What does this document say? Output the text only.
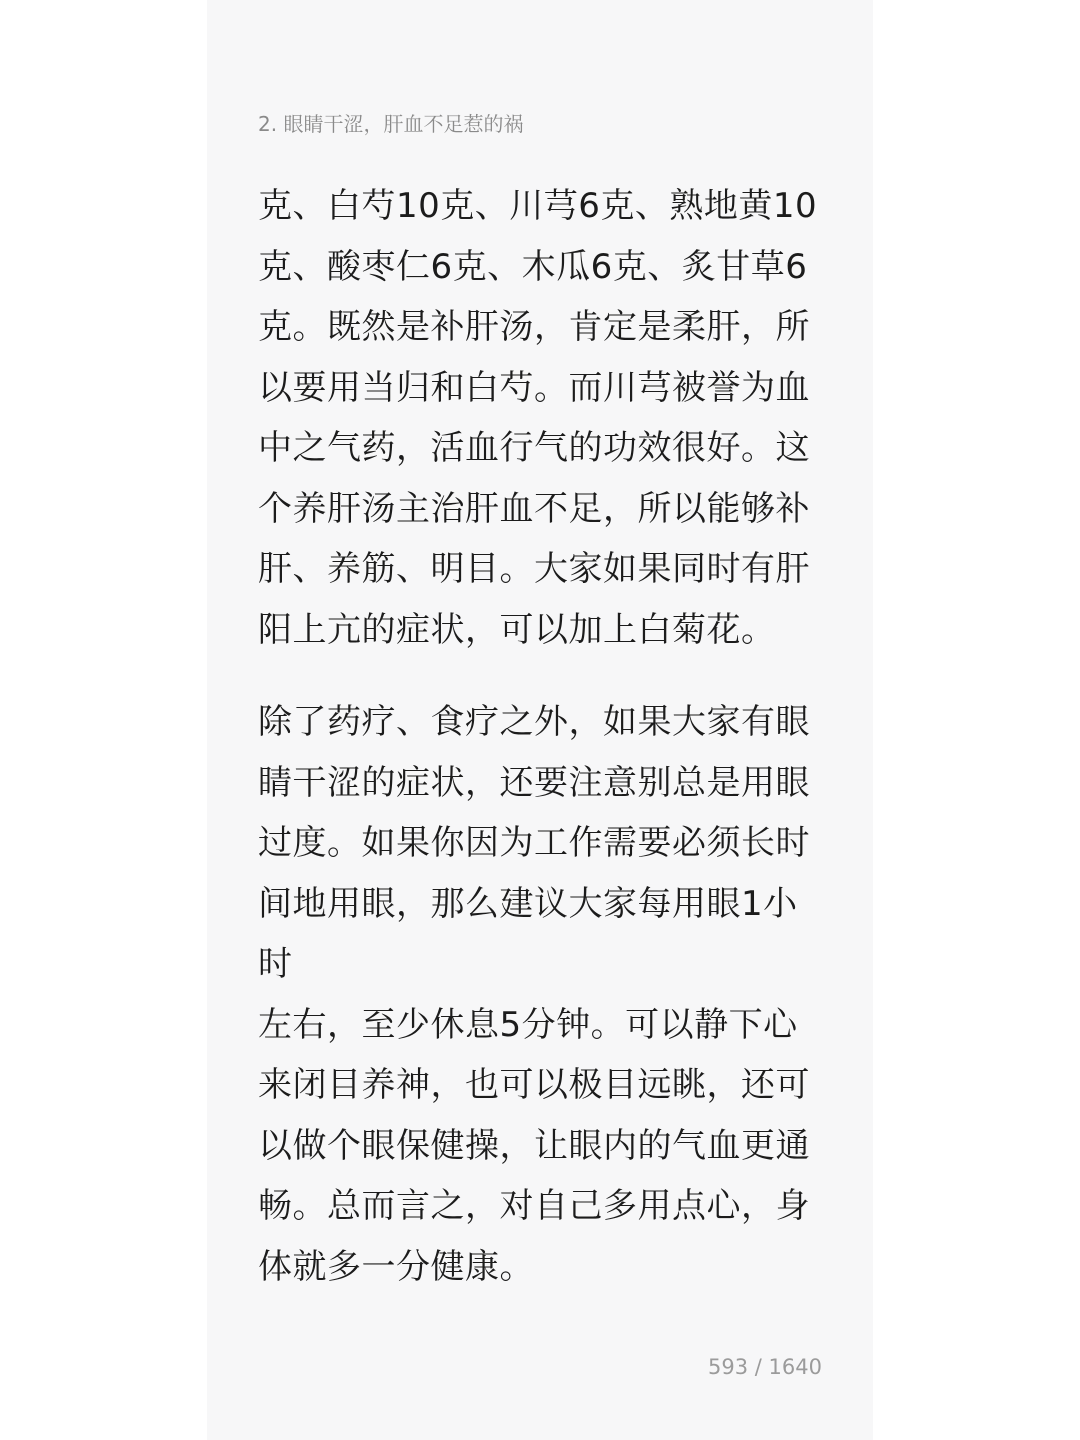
2. 眼睛干涩，肝血不足惹的祸

克、白芍10克、川芎6克、熟地黄10
克、酸枣仁6克、木瓜6克、炙甘草6
克。既然是补肝汤，肯定是柔肝，所
以要用当归和白芍。而川芎被誉为血
中之气药，活血行气的功效很好。这
个养肝汤主治肝血不足，所以能够补
肝、养筋、明目。大家如果同时有肝
阳上亢的症状，可以加上白菊花。

除了药疗、食疗之外，如果大家有眼
睛干涩的症状，还要注意别总是用眼
过度。如果你因为工作需要必须长时
间地用眼，那么建议大家每用眼1小时
左右，至少休息5分钟。可以静下心
来闭目养神，也可以极目远眺，还可
以做个眼保健操，让眼内的气血更通
畅。总而言之，对自己多用点心，身
体就多一分健康。

593 / 1640
